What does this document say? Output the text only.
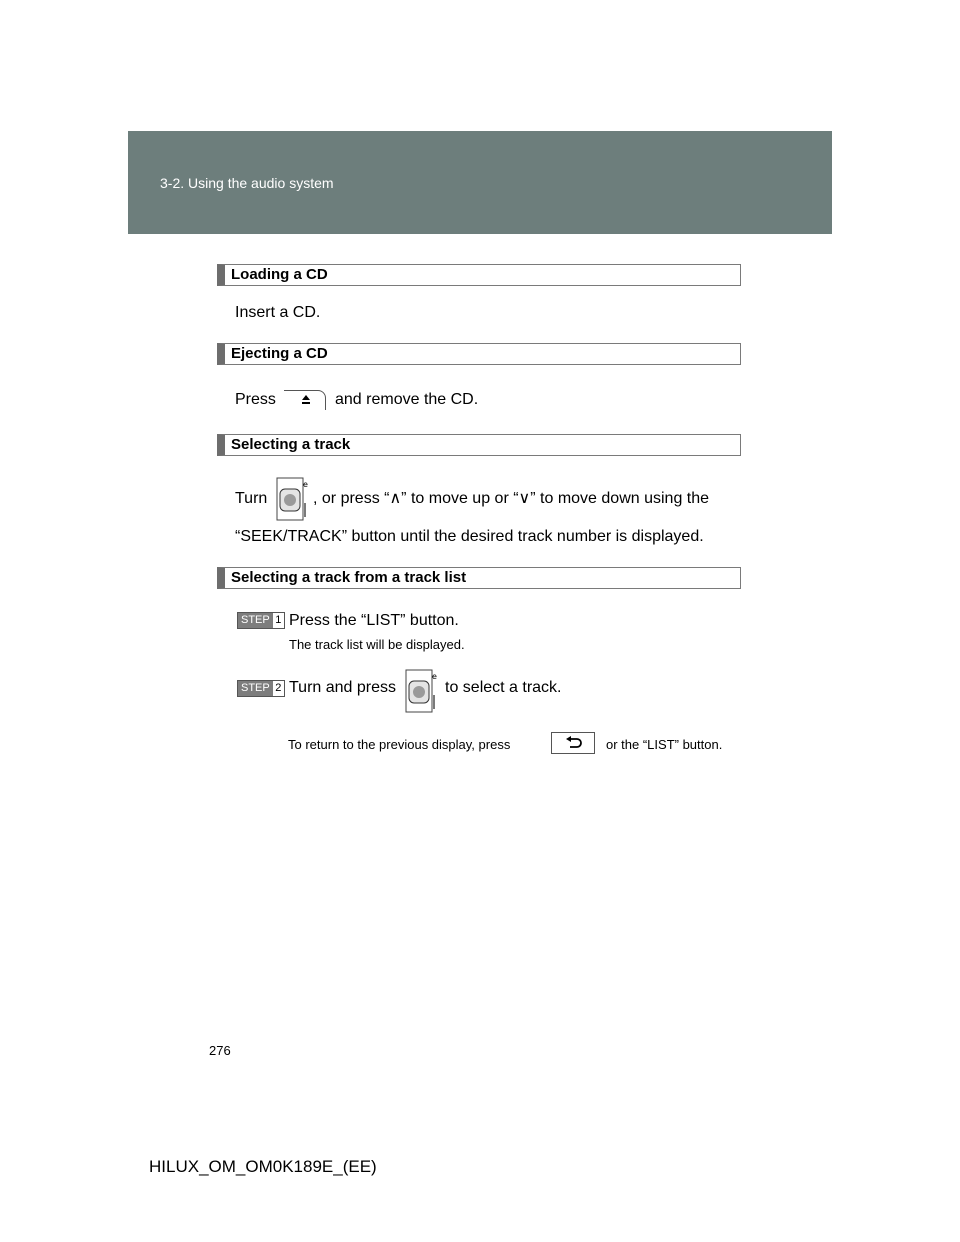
3-2. Using the audio system
Loading a CD
Insert a CD.
Ejecting a CD
Press	and remove the CD.
Selecting a track
Turn
e
, or press “∧” to move up or “∨” to move down using the
“SEEK/TRACK” button until the desired track number is displayed.
Selecting a track from a track list
STEP 1 Press the “LIST” button.
The track list will be displayed.
STEP 2 Turn and press
e
to select a track.
To return to the previous display, press	or the “LIST” button.
276
HILUX_OM_OM0K189E_(EE)
